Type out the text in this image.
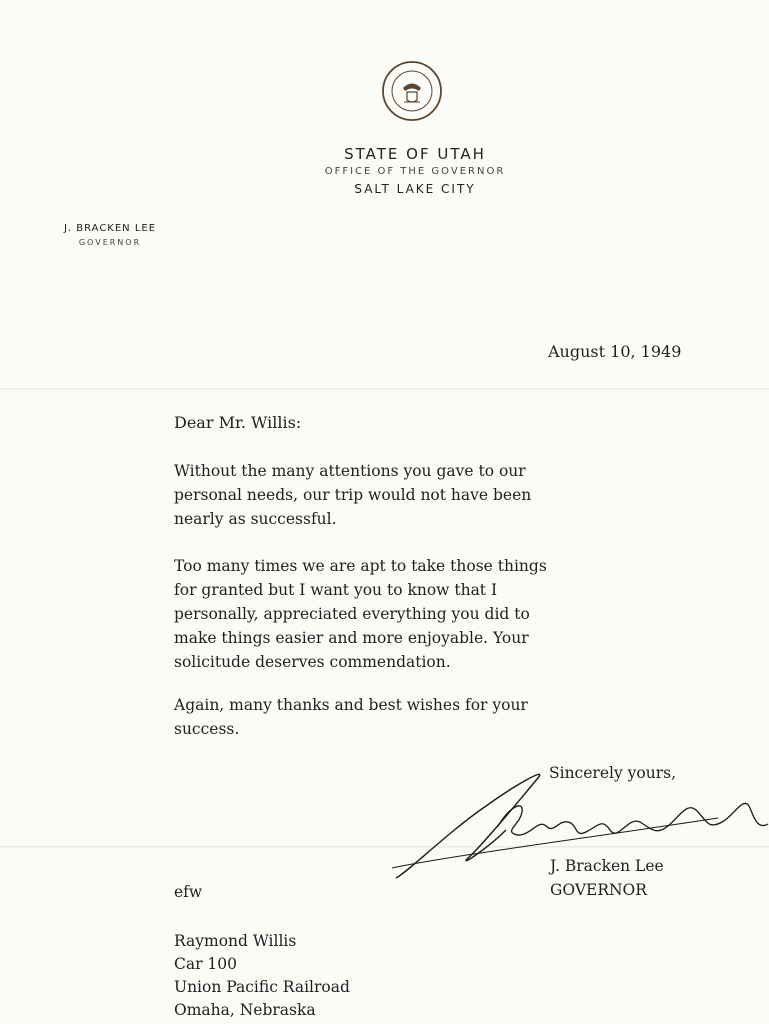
STATE OF UTAH
OFFICE OF THE GOVERNOR
SALT LAKE CITY
J. BRACKEN LEE
GOVERNOR
August 10, 1949
Dear Mr. Willis:
Without the many attentions you gave to our
personal needs, our trip would not have been
nearly as successful.
Too many times we are apt to take those things
for granted but I want you to know that I
personally, appreciated everything you did to
make things easier and more enjoyable. Your
solicitude deserves commendation.
Again, many thanks and best wishes for your
success.
Sincerely yours,
J. Bracken Lee
GOVERNOR
efw
Raymond Willis
Car 100
Union Pacific Railroad
Omaha, Nebraska
